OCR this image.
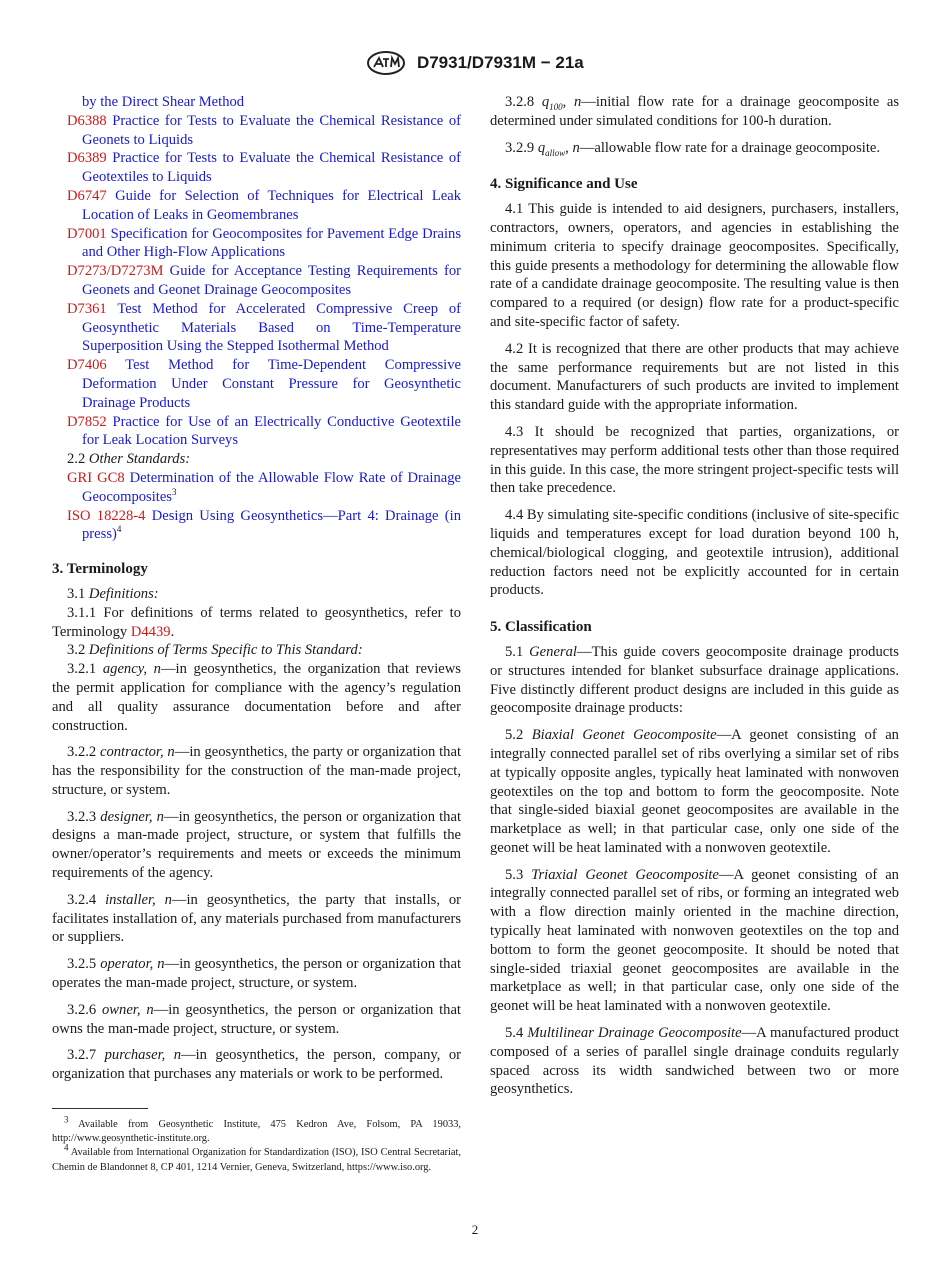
D7931/D7931M − 21a
by the Direct Shear Method
D6388 Practice for Tests to Evaluate the Chemical Resistance of Geonets to Liquids
D6389 Practice for Tests to Evaluate the Chemical Resistance of Geotextiles to Liquids
D6747 Guide for Selection of Techniques for Electrical Leak Location of Leaks in Geomembranes
D7001 Specification for Geocomposites for Pavement Edge Drains and Other High-Flow Applications
D7273/D7273M Guide for Acceptance Testing Requirements for Geonets and Geonet Drainage Geocomposites
D7361 Test Method for Accelerated Compressive Creep of Geosynthetic Materials Based on Time-Temperature Superposition Using the Stepped Isothermal Method
D7406 Test Method for Time-Dependent Compressive Deformation Under Constant Pressure for Geosynthetic Drainage Products
D7852 Practice for Use of an Electrically Conductive Geotextile for Leak Location Surveys
2.2 Other Standards:
GRI GC8 Determination of the Allowable Flow Rate of Drainage Geocomposites$^3$
ISO 18228-4 Design Using Geosynthetics—Part 4: Drainage (in press)$^4$
3. Terminology
3.1 Definitions:
3.1.1 For definitions of terms related to geosynthetics, refer to Terminology D4439.
3.2 Definitions of Terms Specific to This Standard:
3.2.1 agency, n—in geosynthetics, the organization that reviews the permit application for compliance with the agency’s regulation and all quality assurance documentation before and after construction.
3.2.2 contractor, n—in geosynthetics, the party or organization that has the responsibility for the construction of the man-made project, structure, or system.
3.2.3 designer, n—in geosynthetics, the person or organization that designs a man-made project, structure, or system that fulfills the owner/operator’s requirements and meets or exceeds the minimum requirements of the agency.
3.2.4 installer, n—in geosynthetics, the party that installs, or facilitates installation of, any materials purchased from manufacturers or suppliers.
3.2.5 operator, n—in geosynthetics, the person or organization that operates the man-made project, structure, or system.
3.2.6 owner, n—in geosynthetics, the person or organization that owns the man-made project, structure, or system.
3.2.7 purchaser, n—in geosynthetics, the person, company, or organization that purchases any materials or work to be performed.

$^3$ Available from Geosynthetic Institute, 475 Kedron Ave, Folsom, PA 19033, http://www.geosynthetic-institute.org.

$^4$ Available from International Organization for Standardization (ISO), ISO Central Secretariat, Chemin de Blandonnet 8, CP 401, 1214 Vernier, Geneva, Switzerland, https://www.iso.org.

3.2.8 $q_{100}$, n—initial flow rate for a drainage geocomposite as determined under simulated conditions for 100-h duration.
3.2.9 $q_{allow}$, n—allowable flow rate for a drainage geocomposite.
4. Significance and Use
4.1 This guide is intended to aid designers, purchasers, installers, contractors, owners, operators, and agencies in establishing the minimum criteria to specify drainage geocomposites. Specifically, this guide presents a methodology for determining the allowable flow rate of a candidate drainage geocomposite. The resulting value is then compared to a required (or design) flow rate for a product-specific and site-specific factor of safety.
4.2 It is recognized that there are other products that may achieve the same performance requirements but are not listed in this document. Manufacturers of such products are invited to implement this standard guide with the appropriate information.
4.3 It should be recognized that parties, organizations, or representatives may perform additional tests other than those required in this guide. In this case, the more stringent project-specific tests will then take precedence.
4.4 By simulating site-specific conditions (inclusive of site-specific liquids and temperatures except for load duration beyond 100 h, chemical/biological clogging, and geotextile intrusion), additional reduction factors need not be explicitly accounted for in certain products.
5. Classification
5.1 General—This guide covers geocomposite drainage products or structures intended for blanket subsurface drainage applications. Five distinctly different product designs are included in this guide as geocomposite drainage products:
5.2 Biaxial Geonet Geocomposite—A geonet consisting of an integrally connected parallel set of ribs overlying a similar set of ribs at typically opposite angles, typically heat laminated with nonwoven geotextiles on the top and bottom to form the geocomposite. Note that single-sided biaxial geonet geocomposites are available in the marketplace as well; in that particular case, only one side of the geonet will be heat laminated with a nonwoven geotextile.
5.3 Triaxial Geonet Geocomposite—A geonet consisting of an integrally connected parallel set of ribs, or forming an integrated web with a flow direction mainly oriented in the machine direction, typically heat laminated with nonwoven geotextiles on the top and bottom to form the geonet geocomposite. It should be noted that single-sided triaxial geonet geocomposites are available in the marketplace as well; in that particular case, only one side of the geonet will be heat laminated with a nonwoven geotextile.
5.4 Multilinear Drainage Geocomposite—A manufactured product composed of a series of parallel single drainage conduits regularly spaced across its width sandwiched between two or more geosynthetics.
2
